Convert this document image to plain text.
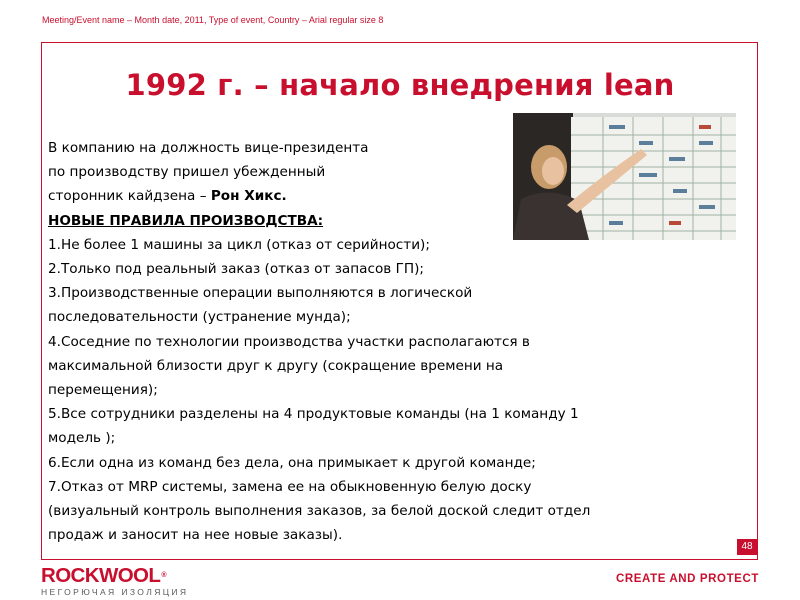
Meeting/Event name – Month date, 2011, Type of event, Country – Arial regular size 8
1992 г. – начало внедрения lean

В компанию на должность вице-президента

по производству пришел убежденный

сторонник кайдзена – Рон Хикс.

НОВЫЕ ПРАВИЛА ПРОИЗВОДСТВА:

1.Не более 1 машины за цикл (отказ от серийности);

2.Только под реальный заказ (отказ от запасов ГП);

3.Производственные операции выполняются в логической

последовательности (устранение мунда);

4.Соседние по технологии производства участки располагаются в

максимальной близости друг к другу (сокращение времени на

перемещения);

5.Все сотрудники разделены на 4 продуктовые команды (на 1 команду 1

модель );

6.Если одна из команд без дела, она примыкает к другой команде;

7.Отказ от MRP системы, замена ее на обыкновенную белую доску

(визуальный контроль выполнения заказов, за белой доской следит отдел

продаж и заносит на нее новые заказы).

48
ROCKWOOL®
НЕГОРЮЧАЯ ИЗОЛЯЦИЯ
CREATE AND PROTECT
